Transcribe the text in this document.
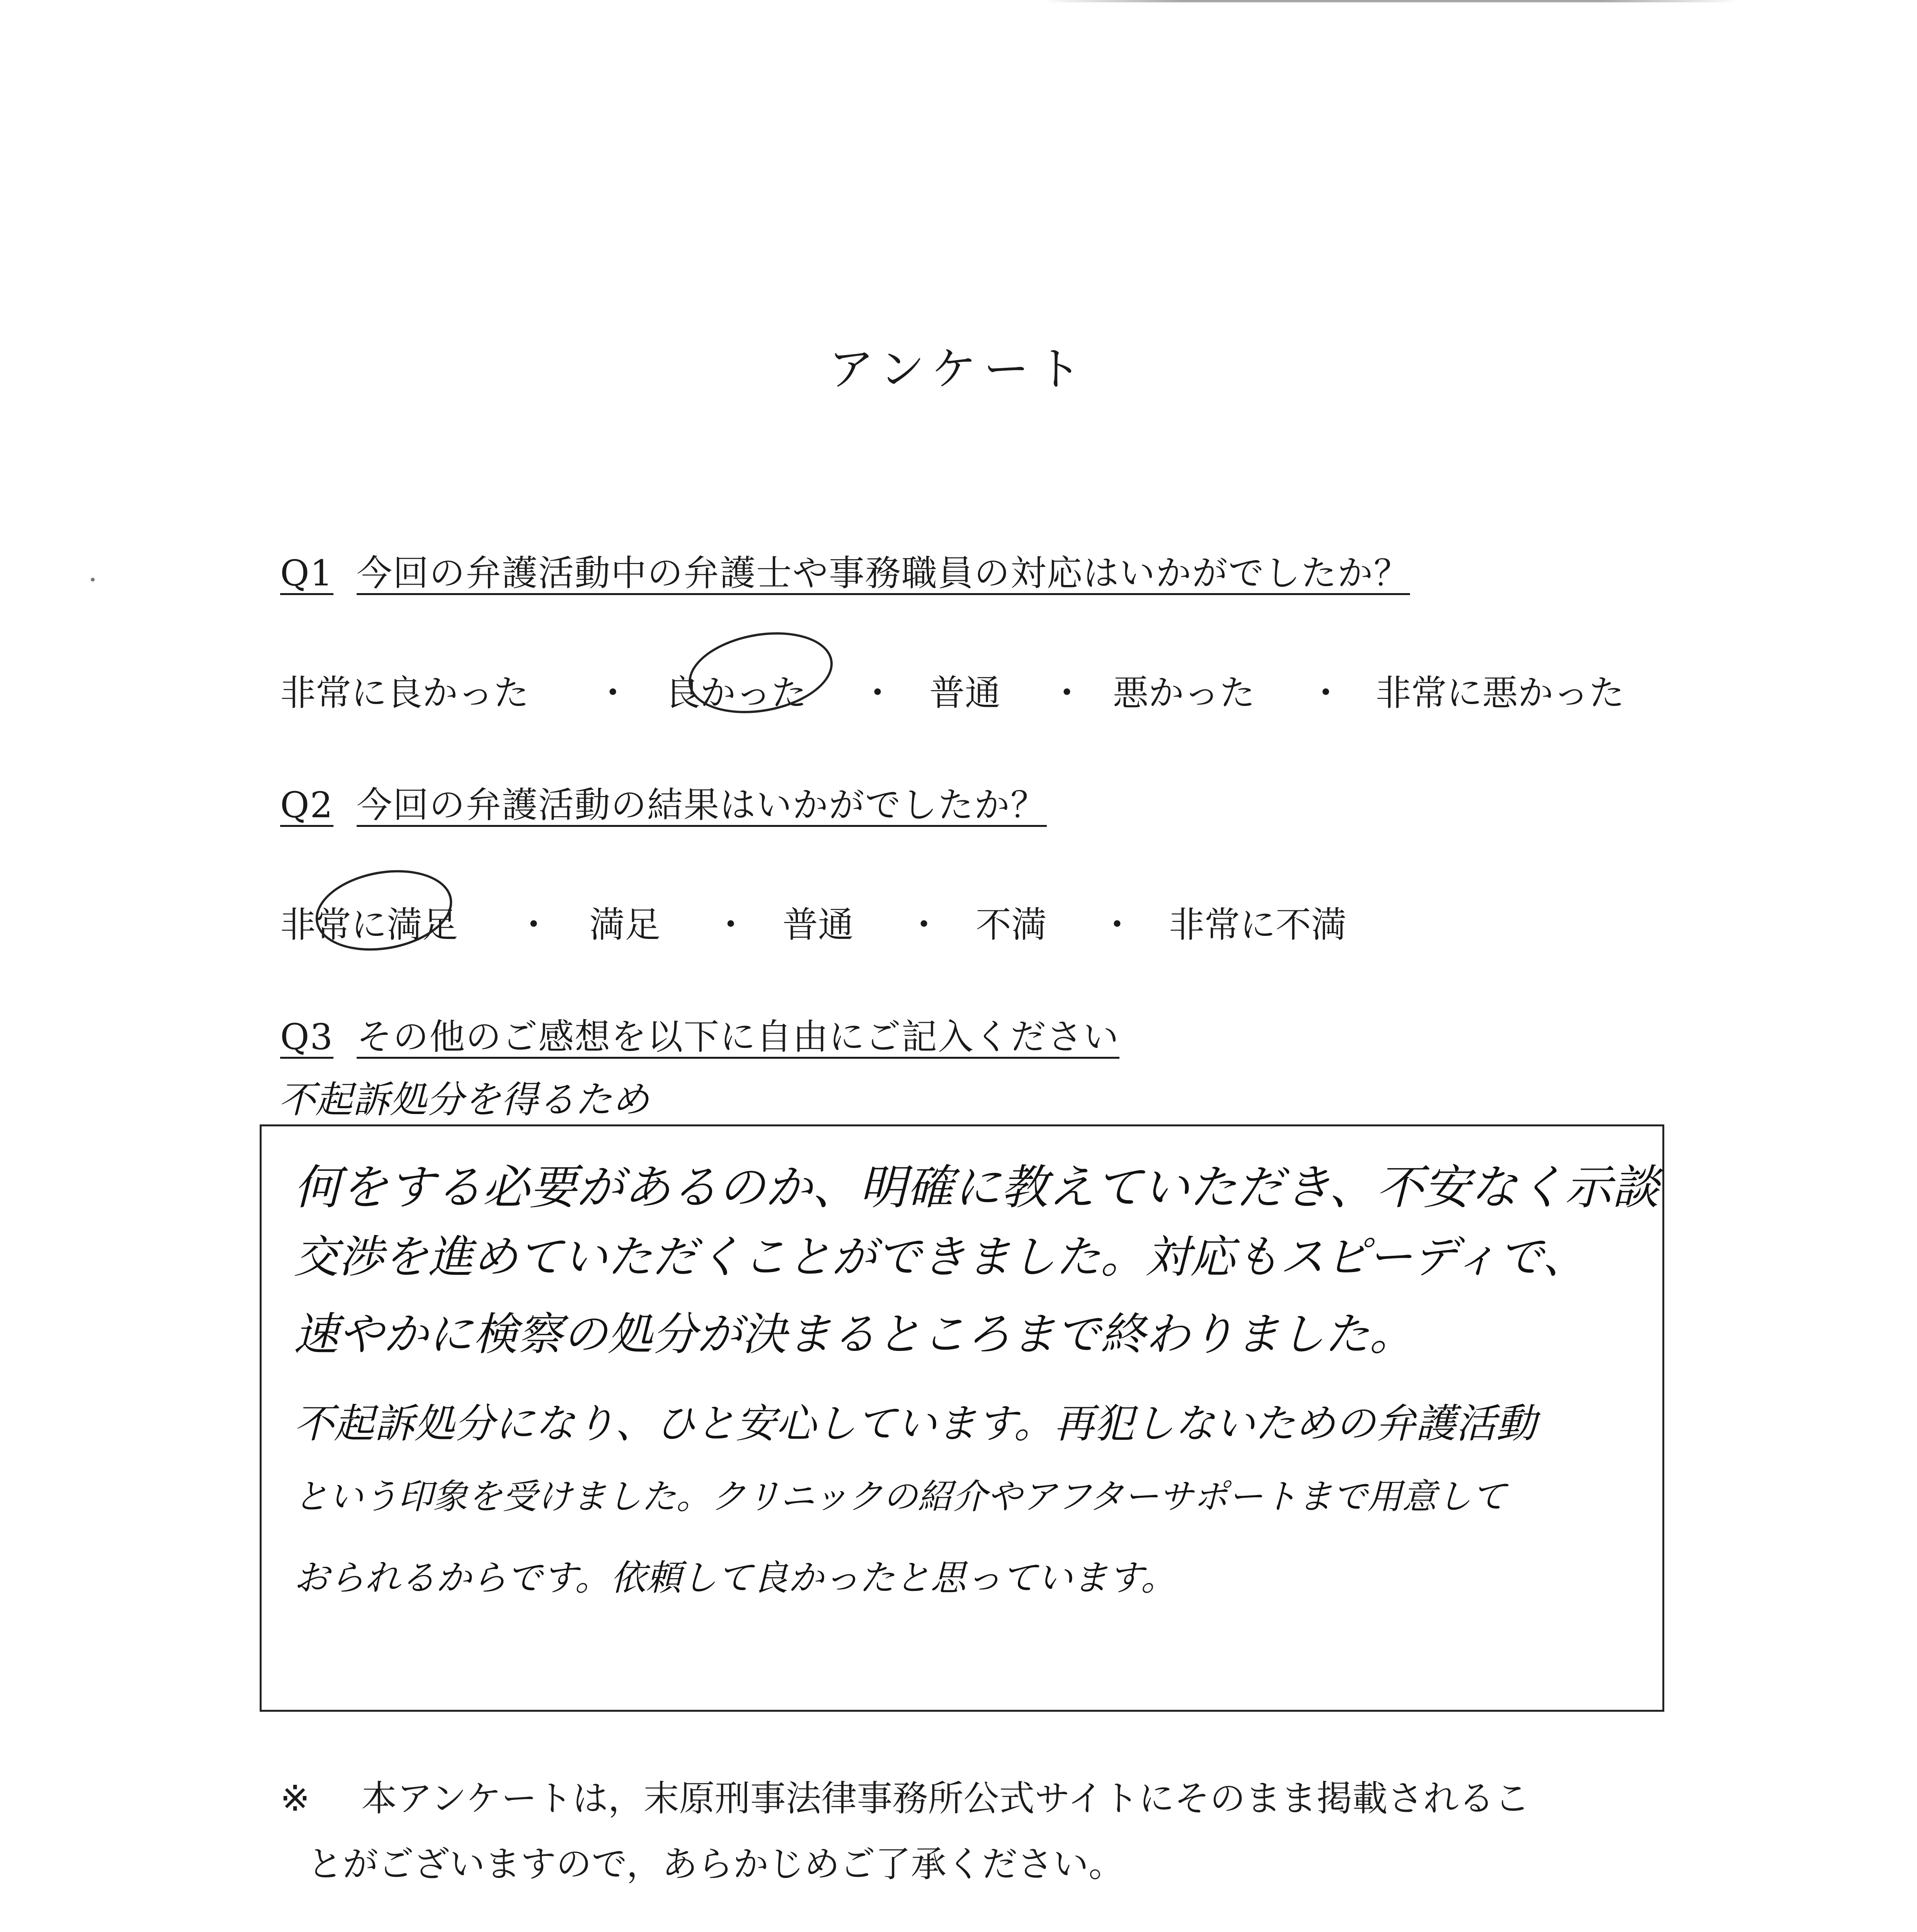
アンケート
Q1 今回の弁護活動中の弁護士や事務職員の対応はいかがでしたか？
非常に良かった ・ 良かった ・ 普通 ・ 悪かった ・ 非常に悪かった
Q2 今回の弁護活動の結果はいかがでしたか？
非常に満足 ・ 満足 ・ 普通 ・ 不満 ・ 非常に不満
Q3 その他のご感想を以下に自由にご記入ください
不起訴処分を得るため
何をする必要があるのか、明確に教えていただき、不安なく示談
交渉を進めていただくことができました。対応もスピーディで、
速やかに検察の処分が決まるところまで終わりました。
不起訴処分になり、ひと安心しています。再犯しないための弁護活動
という印象を受けました。クリニックの紹介やアフターサポートまで用意して
おられるからです。依頼して良かったと思っています。
※ 本アンケートは，末原刑事法律事務所公式サイトにそのまま掲載されるこ
とがございますので，あらかじめご了承ください。
